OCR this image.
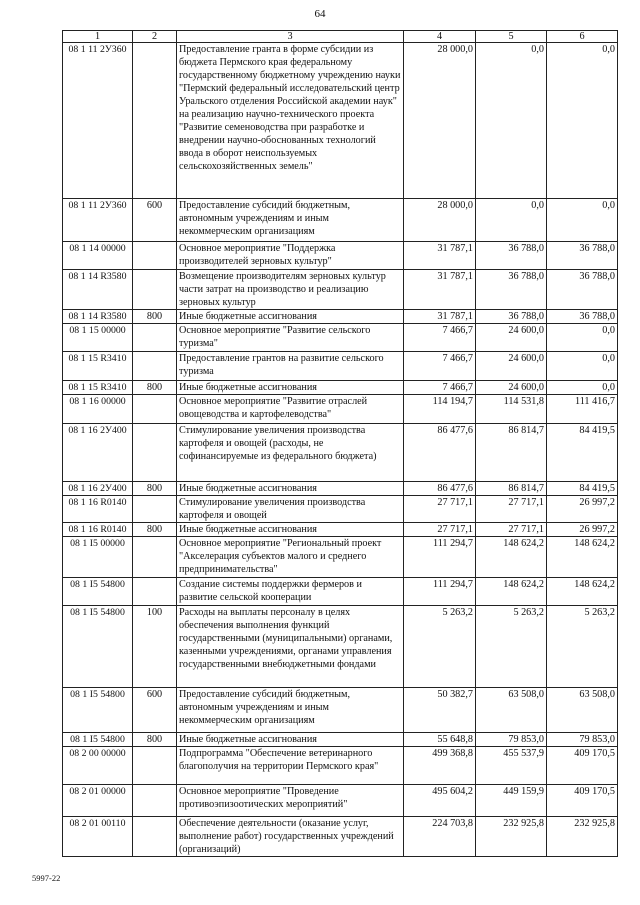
64
1	2	3	4	5	6
08 1 11 2У360		Предоставление гранта в форме субсидии из бюджета Пермского края федеральному государственному бюджетному учреждению науки "Пермский федеральный исследовательский центр Уральского отделения Российской академии наук" на реализацию научно-технического проекта "Развитие семеноводства при разработке и внедрении научно-обоснованных технологий ввода в оборот неиспользуемых сельскохозяйственных земель"	28 000,0	0,0	0,0
08 1 11 2У360	600	Предоставление субсидий бюджетным, автономным учреждениям и иным некоммерческим организациям	28 000,0	0,0	0,0
08 1 14 00000		Основное мероприятие "Поддержка производителей зерновых культур"	31 787,1	36 788,0	36 788,0
08 1 14 R3580		Возмещение производителям зерновых культур части затрат на производство и реализацию зерновых культур	31 787,1	36 788,0	36 788,0
08 1 14 R3580	800	Иные бюджетные ассигнования	31 787,1	36 788,0	36 788,0
08 1 15 00000		Основное мероприятие "Развитие сельского туризма"	7 466,7	24 600,0	0,0
08 1 15 R3410		Предоставление грантов на развитие сельского туризма	7 466,7	24 600,0	0,0
08 1 15 R3410	800	Иные бюджетные ассигнования	7 466,7	24 600,0	0,0
08 1 16 00000		Основное мероприятие "Развитие отраслей овощеводства и картофелеводства"	114 194,7	114 531,8	111 416,7
08 1 16 2У400		Стимулирование увеличения производства картофеля и овощей (расходы, не софинансируемые из федерального бюджета)	86 477,6	86 814,7	84 419,5
08 1 16 2У400	800	Иные бюджетные ассигнования	86 477,6	86 814,7	84 419,5
08 1 16 R0140		Стимулирование увеличения производства картофеля и овощей	27 717,1	27 717,1	26 997,2
08 1 16 R0140	800	Иные бюджетные ассигнования	27 717,1	27 717,1	26 997,2
08 1 I5 00000		Основное мероприятие "Региональный проект "Акселерация субъектов малого и среднего предпринимательства"	111 294,7	148 624,2	148 624,2
08 1 I5 54800		Создание системы поддержки фермеров и развитие сельской кооперации	111 294,7	148 624,2	148 624,2
08 1 I5 54800	100	Расходы на выплаты персоналу в целях обеспечения выполнения функций государственными (муниципальными) органами, казенными учреждениями, органами управления государственными внебюджетными фондами	5 263,2	5 263,2	5 263,2
08 1 I5 54800	600	Предоставление субсидий бюджетным, автономным учреждениям и иным некоммерческим организациям	50 382,7	63 508,0	63 508,0
08 1 I5 54800	800	Иные бюджетные ассигнования	55 648,8	79 853,0	79 853,0
08 2 00 00000		Подпрограмма "Обеспечение ветеринарного благополучия на территории Пермского края"	499 368,8	455 537,9	409 170,5
08 2 01 00000		Основное мероприятие "Проведение противоэпизоотических мероприятий"	495 604,2	449 159,9	409 170,5
08 2 01 00110		Обеспечение деятельности (оказание услуг, выполнение работ) государственных учреждений (организаций)	224 703,8	232 925,8	232 925,8
5997-22
